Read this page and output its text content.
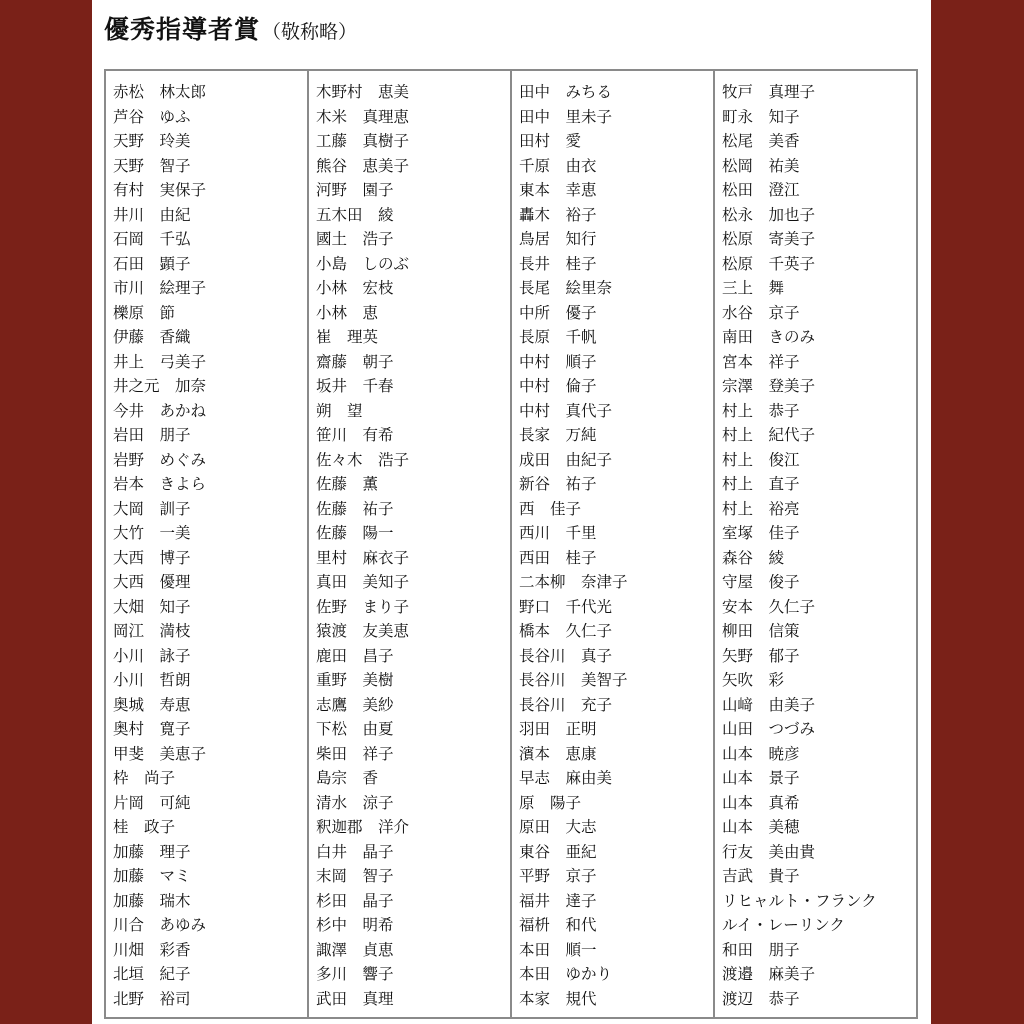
優秀指導者賞 （敬称略）
赤松　林太郎
芦谷　ゆふ
天野　玲美
天野　智子
有村　実保子
井川　由紀
石岡　千弘
石田　顕子
市川　絵理子
櫟原　節
伊藤　香織
井上　弓美子
井之元　加奈
今井　あかね
岩田　朋子
岩野　めぐみ
岩本　きよら
大岡　訓子
大竹　一美
大西　博子
大西　優理
大畑　知子
岡江　満枝
小川　詠子
小川　哲朗
奥城　寿恵
奥村　寛子
甲斐　美恵子
枠　尚子
片岡　可純
桂　政子
加藤　理子
加藤　マミ
加藤　瑞木
川合　あゆみ
川畑　彩香
北垣　紀子
北野　裕司
木野村　恵美
木米　真理恵
工藤　真樹子
熊谷　恵美子
河野　園子
五木田　綾
國土　浩子
小島　しのぶ
小林　宏枝
小林　恵
崔　理英
齋藤　朝子
坂井　千春
朔　望
笹川　有希
佐々木　浩子
佐藤　薫
佐藤　祐子
佐藤　陽一
里村　麻衣子
真田　美知子
佐野　まり子
猿渡　友美恵
鹿田　昌子
重野　美樹
志鷹　美紗
下松　由夏
柴田　祥子
島宗　香
清水　涼子
釈迦郡　洋介
白井　晶子
末岡　智子
杉田　晶子
杉中　明希
諏澤　貞恵
多川　響子
武田　真理
田中　みちる
田中　里未子
田村　愛
千原　由衣
東本　幸恵
轟木　裕子
鳥居　知行
長井　桂子
長尾　絵里奈
中所　優子
長原　千帆
中村　順子
中村　倫子
中村　真代子
長家　万純
成田　由紀子
新谷　祐子
西　佳子
西川　千里
西田　桂子
二本柳　奈津子
野口　千代光
橋本　久仁子
長谷川　真子
長谷川　美智子
長谷川　充子
羽田　正明
濱本　恵康
早志　麻由美
原　陽子
原田　大志
東谷　亜紀
平野　京子
福井　達子
福枡　和代
本田　順一
本田　ゆかり
本家　規代
牧戸　真理子
町永　知子
松尾　美香
松岡　祐美
松田　澄江
松永　加也子
松原　寄美子
松原　千英子
三上　舞
水谷　京子
南田　きのみ
宮本　祥子
宗澤　登美子
村上　恭子
村上　紀代子
村上　俊江
村上　直子
村上　裕亮
室塚　佳子
森谷　綾
守屋　俊子
安本　久仁子
柳田　信策
矢野　郁子
矢吹　彩
山﨑　由美子
山田　つづみ
山本　暁彦
山本　景子
山本　真希
山本　美穂
行友　美由貴
吉武　貴子
リヒャルト・フランク
ルイ・レーリンク
和田　朋子
渡邉　麻美子
渡辺　恭子
